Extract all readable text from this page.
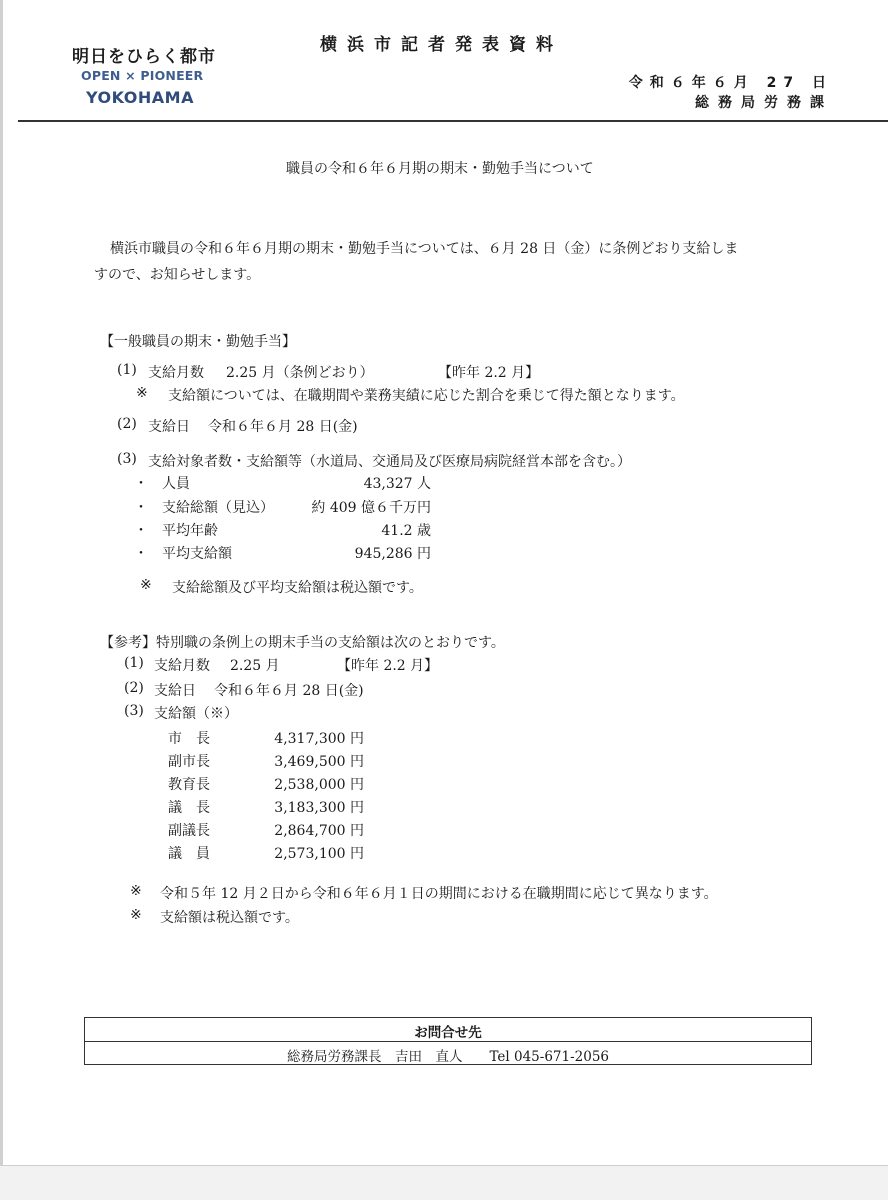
明日をひらく都市
OPEN × PIONEER
YOKOHAMA
横浜市記者発表資料
令和６年６月 27 日
総務局労務課
職員の令和６年６月期の期末・勤勉手当について
横浜市職員の令和６年６月期の期末・勤勉手当については、６月 28 日（金）に条例どおり支給しま
すので、お知らせします。
【一般職員の期末・勤勉手当】
(1) 支給月数 2.25 月（条例どおり）	【昨年 2.2 月】
※ 支給額については、在職期間や業務実績に応じた割合を乗じて得た額となります。
(2) 支給日 令和６年６月 28 日(金)
(3) 支給対象者数・支給額等（水道局、交通局及び医療局病院経営本部を含む。）
・ 人員	43,327 人
・ 支給総額（見込）	約 409 億６千万円
・ 平均年齢	41.2 歳
・ 平均支給額	945,286 円
※ 支給総額及び平均支給額は税込額です。
【参考】特別職の条例上の期末手当の支給額は次のとおりです。
(1) 支給月数 2.25 月	【昨年 2.2 月】
(2) 支給日 令和６年６月 28 日(金)
(3) 支給額（※）
市　長	4,317,300 円
副市長	3,469,500 円
教育長	2,538,000 円
議　長	3,183,300 円
副議長	2,864,700 円
議　員	2,573,100 円
※ 令和５年 12 月２日から令和６年６月１日の期間における在職期間に応じて異なります。
※ 支給額は税込額です。
お問合せ先
総務局労務課長　吉田　直人　　Tel 045-671-2056
